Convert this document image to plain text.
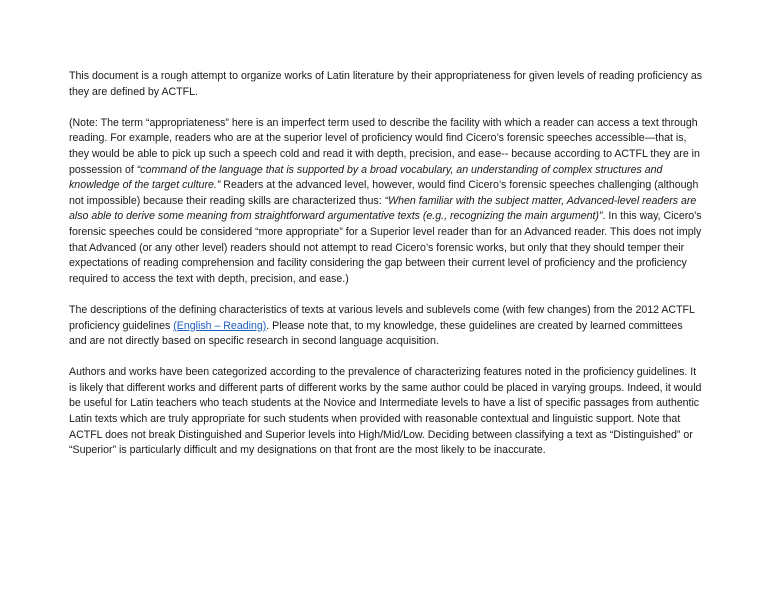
This document is a rough attempt to organize works of Latin literature by their appropriateness for given levels of reading proficiency as they are defined by ACTFL.

(Note: The term “appropriateness” here is an imperfect term used to describe the facility with which a reader can access a text through reading. For example, readers who are at the superior level of proficiency would find Cicero’s forensic speeches accessible—that is, they would be able to pick up such a speech cold and read it with depth, precision, and ease-- because according to ACTFL they are in possession of “command of the language that is supported by a broad vocabulary, an understanding of complex structures and knowledge of the target culture.” Readers at the advanced level, however, would find Cicero’s forensic speeches challenging (although not impossible) because their reading skills are characterized thus: “When familiar with the subject matter, Advanced-level readers are also able to derive some meaning from straightforward argumentative texts (e.g., recognizing the main argument)”. In this way, Cicero’s forensic speeches could be considered “more appropriate” for a Superior level reader than for an Advanced reader. This does not imply that Advanced (or any other level) readers should not attempt to read Cicero’s forensic works, but only that they should temper their expectations of reading comprehension and facility considering the gap between their current level of proficiency and the proficiency required to access the text with depth, precision, and ease.)

The descriptions of the defining characteristics of texts at various levels and sublevels come (with few changes) from the 2012 ACTFL proficiency guidelines (English – Reading). Please note that, to my knowledge, these guidelines are created by learned committees and are not directly based on specific research in second language acquisition.

Authors and works have been categorized according to the prevalence of characterizing features noted in the proficiency guidelines. It is likely that different works and different parts of different works by the same author could be placed in varying groups. Indeed, it would be useful for Latin teachers who teach students at the Novice and Intermediate levels to have a list of specific passages from authentic Latin texts which are truly appropriate for such students when provided with reasonable contextual and linguistic support. Note that ACTFL does not break Distinguished and Superior levels into High/Mid/Low. Deciding between classifying a text as “Distinguished” or “Superior” is particularly difficult and my designations on that front are the most likely to be inaccurate.
